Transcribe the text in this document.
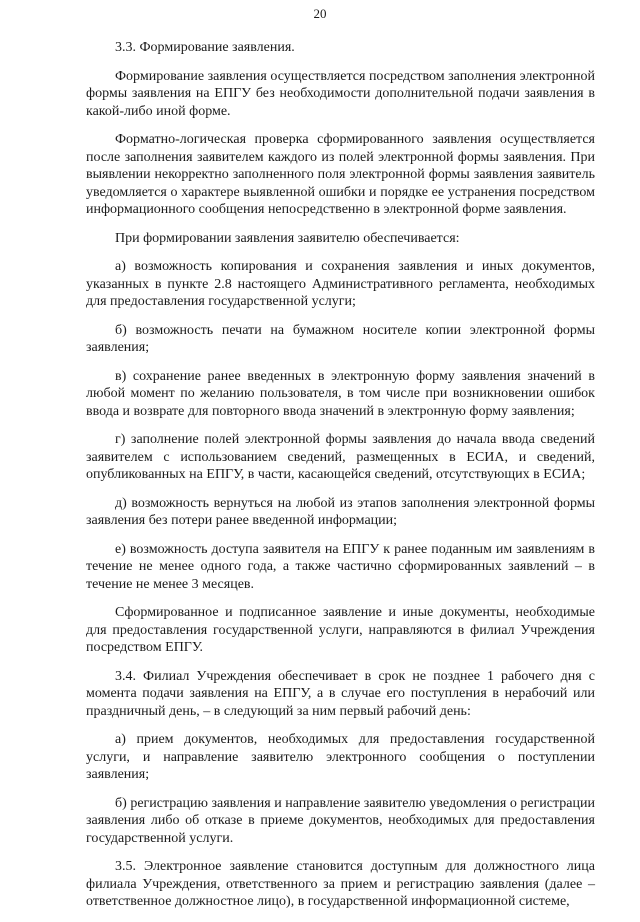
20

3.3. Формирование заявления.

Формирование заявления осуществляется посредством заполнения электронной формы заявления на ЕПГУ без необходимости дополнительной подачи заявления в какой-либо иной форме.

Форматно-логическая проверка сформированного заявления осуществляется после заполнения заявителем каждого из полей электронной формы заявления. При выявлении некорректно заполненного поля электронной формы заявления заявитель уведомляется о характере выявленной ошибки и порядке ее устранения посредством информационного сообщения непосредственно в электронной форме заявления.

При формировании заявления заявителю обеспечивается:

а) возможность копирования и сохранения заявления и иных документов, указанных в пункте 2.8 настоящего Административного регламента, необходимых для предоставления государственной услуги;

б) возможность печати на бумажном носителе копии электронной формы заявления;

в) сохранение ранее введенных в электронную форму заявления значений в любой момент по желанию пользователя, в том числе при возникновении ошибок ввода и возврате для повторного ввода значений в электронную форму заявления;

г) заполнение полей электронной формы заявления до начала ввода сведений заявителем с использованием сведений, размещенных в ЕСИА, и сведений, опубликованных на ЕПГУ, в части, касающейся сведений, отсутствующих в ЕСИА;

д) возможность вернуться на любой из этапов заполнения электронной формы заявления без потери ранее введенной информации;

е) возможность доступа заявителя на ЕПГУ к ранее поданным им заявлениям в течение не менее одного года, а также частично сформированных заявлений – в течение не менее 3 месяцев.

Сформированное и подписанное заявление и иные документы, необходимые для предоставления государственной услуги, направляются в филиал Учреждения посредством ЕПГУ.

3.4. Филиал Учреждения обеспечивает в срок не позднее 1 рабочего дня с момента подачи заявления на ЕПГУ, а в случае его поступления в нерабочий или праздничный день, – в следующий за ним первый рабочий день:

а) прием документов, необходимых для предоставления государственной услуги, и направление заявителю электронного сообщения о поступлении заявления;

б) регистрацию заявления и направление заявителю уведомления о регистрации заявления либо об отказе в приеме документов, необходимых для предоставления государственной услуги.

3.5. Электронное заявление становится доступным для должностного лица филиала Учреждения, ответственного за прием и регистрацию заявления (далее – ответственное должностное лицо), в государственной информационной системе,
